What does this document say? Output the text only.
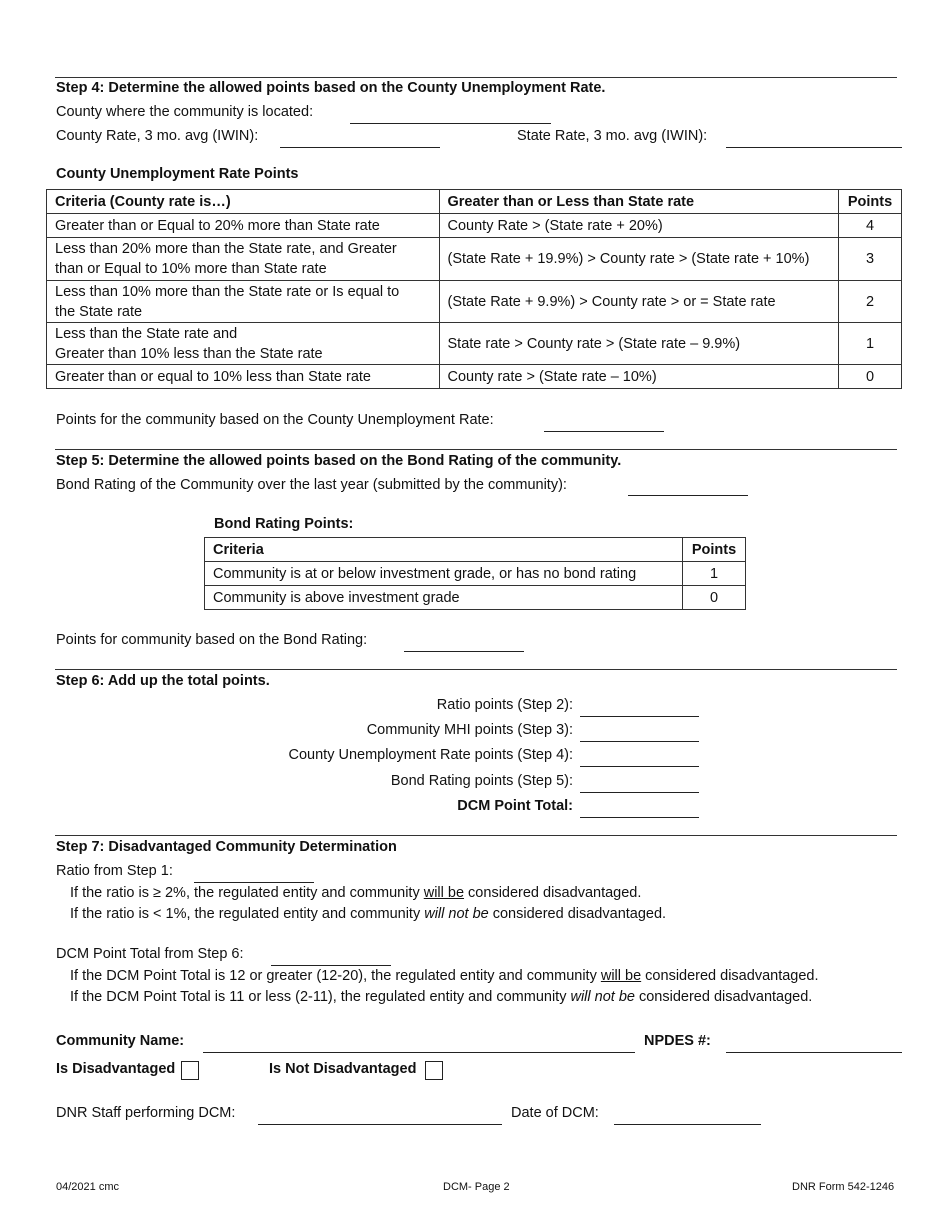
Step 4: Determine the allowed points based on the County Unemployment Rate.
County where the community is located:
County Rate, 3 mo. avg (IWIN):	State Rate, 3 mo. avg (IWIN):
County Unemployment Rate Points
Criteria (County rate is…)	Greater than or Less than State rate	Points
Greater than or Equal to 20% more than State rate	County Rate > (State rate + 20%)	4
Less than 20% more than the State rate, and Greater
than or Equal to 10% more than State rate	(State Rate + 19.9%) > County rate > (State rate + 10%)	3
Less than 10% more than the State rate or Is equal to
the State rate	(State Rate + 9.9%) > County rate > or = State rate	2
Less than the State rate and
Greater than 10% less than the State rate	State rate > County rate > (State rate – 9.9%)	1
Greater than or equal to 10% less than State rate	County rate > (State rate – 10%)	0
Points for the community based on the County Unemployment Rate:
Step 5: Determine the allowed points based on the Bond Rating of the community.
Bond Rating of the Community over the last year (submitted by the community):
Bond Rating Points:
Criteria	Points
Community is at or below investment grade, or has no bond rating	1
Community is above investment grade	0
Points for community based on the Bond Rating:
Step 6: Add up the total points.
Ratio points (Step 2):
Community MHI points (Step 3):
County Unemployment Rate points (Step 4):
Bond Rating points (Step 5):
DCM Point Total:
Step 7: Disadvantaged Community Determination
Ratio from Step 1:
If the ratio is ≥ 2%, the regulated entity and community will be considered disadvantaged.
If the ratio is < 1%, the regulated entity and community will not be considered disadvantaged.
DCM Point Total from Step 6:
If the DCM Point Total is 12 or greater (12-20), the regulated entity and community will be considered disadvantaged.
If the DCM Point Total is 11 or less (2-11), the regulated entity and community will not be considered disadvantaged.
Community Name:	NPDES #:
Is Disadvantaged	Is Not Disadvantaged
DNR Staff performing DCM:	Date of DCM:
04/2021 cmc	DCM- Page 2	DNR Form 542-1246
